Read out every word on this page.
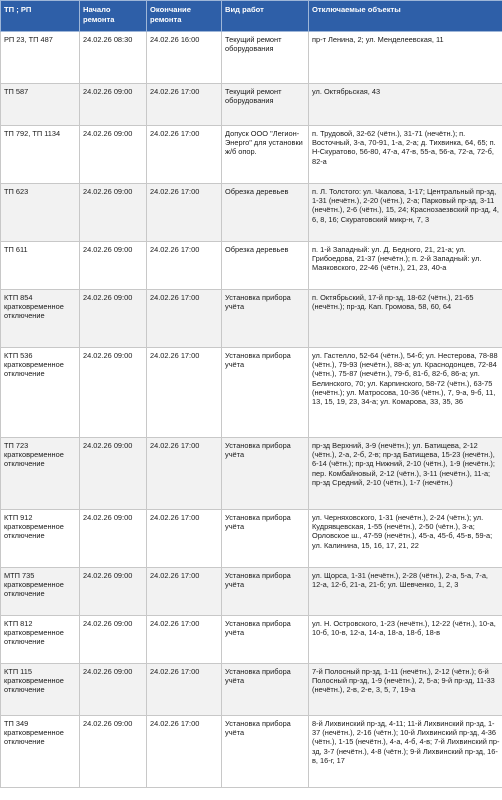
ТП ; РП	Начало ремонта	Окончание ремонта	Вид работ	Отключаемые объекты
РП 23, ТП 487	24.02.26 08:30	24.02.26 16:00	Текущий ремонт оборудования	пр-т Ленина, 2; ул. Менделеевская, 11
ТП 587	24.02.26 09:00	24.02.26 17:00	Текущий ремонт оборудования	ул. Октябрьская, 43
ТП 792, ТП 1134	24.02.26 09:00	24.02.26 17:00	Допуск ООО "Легион-Энерго" для установки ж/б опор.	п. Трудовой, 32-62 (чётн.), 31-71 (нечётн.); п. Восточный, 3-а, 70-91, 1-а, 2-а; д. Тихвинка, 64, 65; п. Н-Скуратово, 56-80, 47-а, 47-в, 55-а, 56-а, 72-а, 72-б, 82-а
ТП 623	24.02.26 09:00	24.02.26 17:00	Обрезка деревьев	п. Л. Толстого: ул. Чкалова, 1-17; Центральный пр-зд, 1-31 (нечётн.), 2-20 (чётн.), 2-а; Парковый пр-зд, 3-11 (нечётн.), 2-6 (чётн.), 15, 24; Краснозаезвский пр-зд, 4, 6, 8, 16; Скуратовский микр-н, 7, 3
ТП 611	24.02.26 09:00	24.02.26 17:00	Обрезка деревьев	п. 1-й Западный: ул. Д. Бедного, 21, 21-а; ул. Грибоедова, 21-37 (нечётн.); п. 2-й Западный: ул. Маяковского, 22-46 (чётн.), 21, 23, 40-а
КТП 854 кратковременное отключение	24.02.26 09:00	24.02.26 17:00	Установка прибора учёта	п. Октябрьский, 17-й пр-зд, 18-62 (чётн.), 21-65 (нечётн.); пр-зд. Кап. Громова, 58, 60, 64
КТП 536 кратковременное отключение	24.02.26 09:00	24.02.26 17:00	Установка прибора учёта	ул. Гастелло, 52-64 (чётн.), 54-б; ул. Нестерова, 78-88 (чётн.), 79-93 (нечётн.), 88-а; ул. Краснодонцев, 72-84 (чётн.), 75-87 (нечётн.), 79-б, 81-б, 82-б, 86-а; ул. Белинского, 70; ул. Карпинского, 58-72 (чётн.), 63-75 (нечётн.); ул. Матросова, 10-36 (чётн.), 7, 9-а, 9-б, 11, 13, 15, 19, 23, 34-а; ул. Комарова, 33, 35, 36
ТП 723 кратковременное отключение	24.02.26 09:00	24.02.26 17:00	Установка прибора учёта	пр-зд Верхний, 3-9 (нечётн.); ул. Батищева, 2-12 (чётн.), 2-а, 2-б, 2-в; пр-зд Батищева, 15-23 (нечётн.), 6-14 (чётн.); пр-зд Нижний, 2-10 (чётн.), 1-9 (нечётн.); пер. Комбайновый, 2-12 (чётн.), 3-11 (нечётн.), 11-а; пр-зд Средний, 2-10 (чётн.), 1-7 (нечётн.)
КТП 912 кратковременное отключение	24.02.26 09:00	24.02.26 17:00	Установка прибора учёта	ул. Черняховского, 1-31 (нечётн.), 2-24 (чётн.); ул. Кудрявцевская, 1-55 (нечётн.), 2-50 (чётн.), 3-а; Орловское ш., 47-59 (нечётн.), 45-а, 45-б, 45-в, 59-а; ул. Калинина, 15, 16, 17, 21, 22
МТП 735 кратковременное отключение	24.02.26 09:00	24.02.26 17:00	Установка прибора учёта	ул. Щорса, 1-31 (нечётн.), 2-28 (чётн.), 2-а, 5-а, 7-а, 12-а, 12-б, 21-а, 21-б; ул. Шевченко, 1, 2, 3
КТП 812 кратковременное отключение	24.02.26 09:00	24.02.26 17:00	Установка прибора учёта	ул. Н. Островского, 1-23 (нечётн.), 12-22 (чётн.), 10-а, 10-б, 10-в, 12-а, 14-а, 18-а, 18-б, 18-в
КТП 115 кратковременное отключение	24.02.26 09:00	24.02.26 17:00	Установка прибора учёта	7-й Полосный пр-зд, 1-11 (нечётн.), 2-12 (чётн.); 6-й Полосный пр-зд, 1-9 (нечётн.), 2, 5-а; 9-й пр-зд, 11-33 (нечётн.), 2-в, 2-е, 3, 5, 7, 19-а
ТП 349 кратковременное отключение	24.02.26 09:00	24.02.26 17:00	Установка прибора учёта	8-й Лихвинский пр-зд, 4-11; 11-й Лихвинский пр-зд, 1-37 (нечётн.), 2-16 (чётн.); 10-й Лихвинский пр-зд, 4-36 (чётн.), 1-15 (нечётн.), 4-а, 4-б, 4-в; 7-й Лихвинский пр-зд, 3-7 (нечётн.), 4-8 (чётн.); 9-й Лихвинский пр-зд, 16-в, 16-г, 17
